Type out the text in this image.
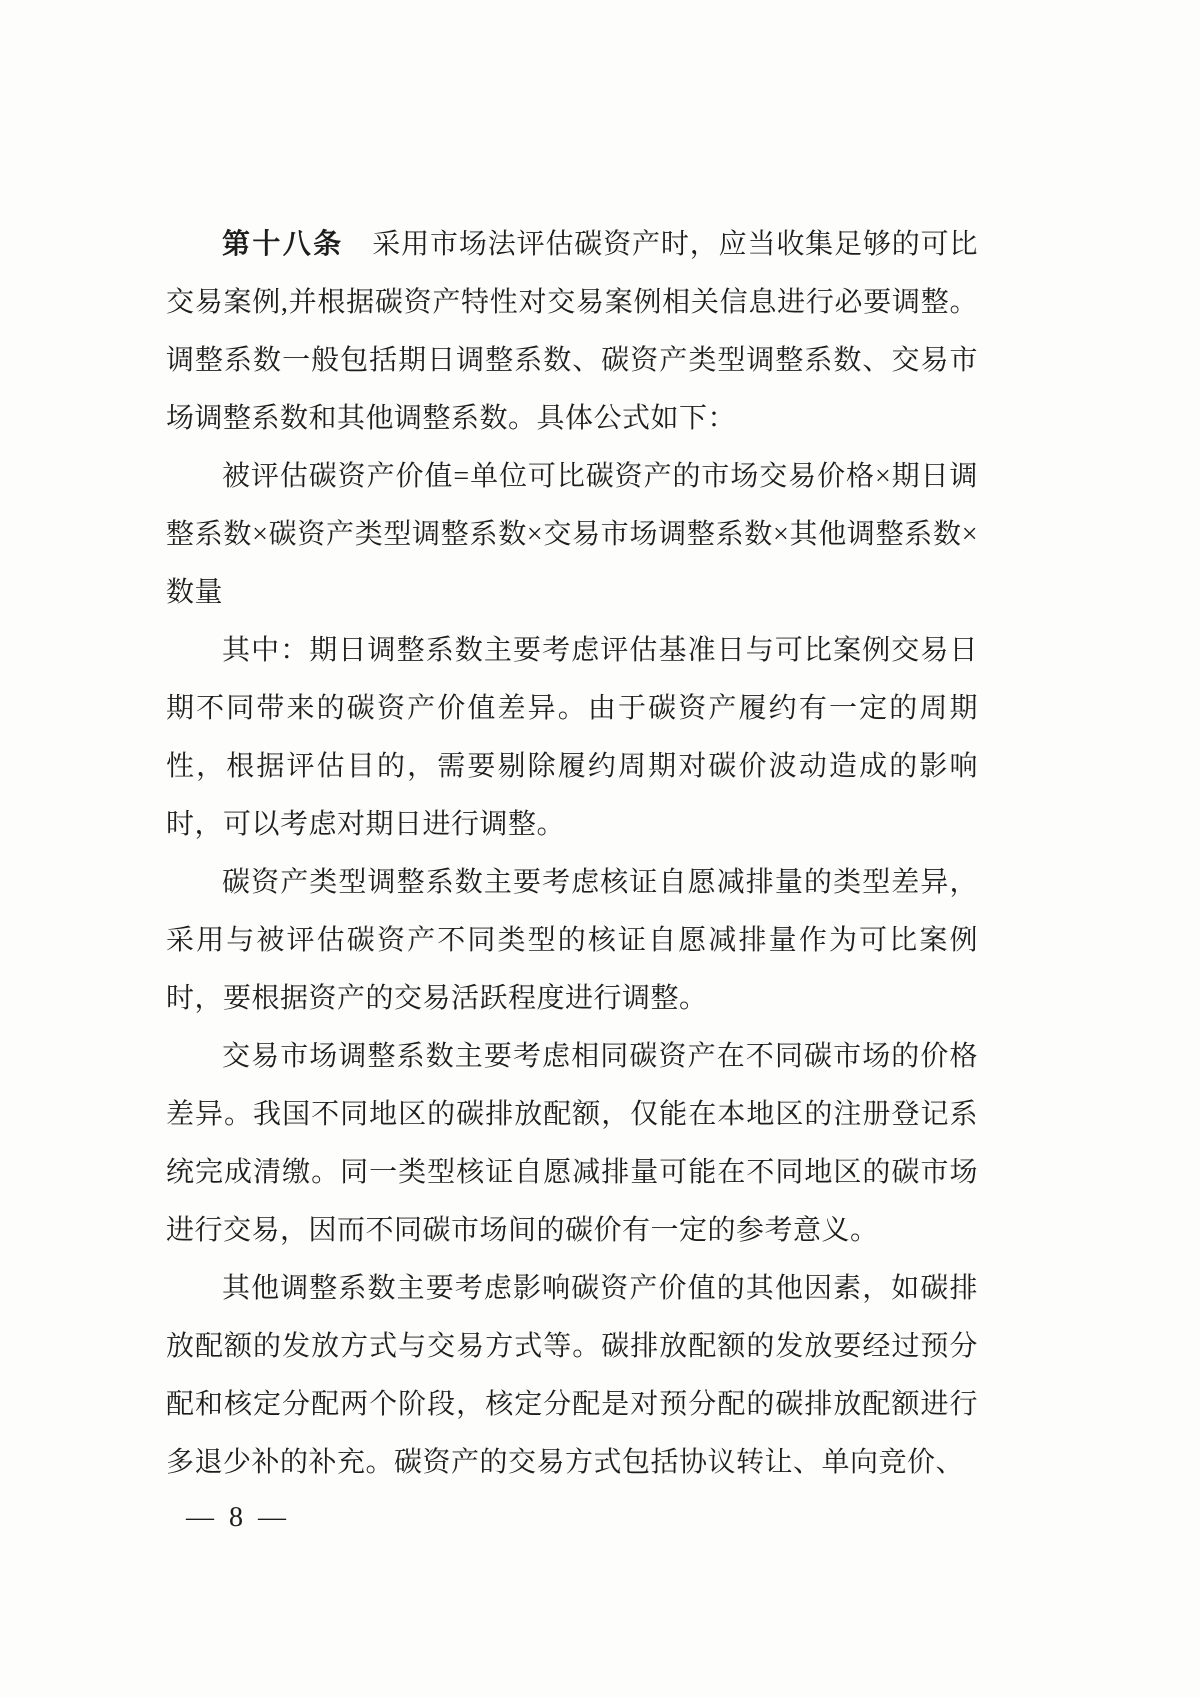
第十八条　采用市场法评估碳资产时，应当收集足够的可比交易案例,并根据碳资产特性对交易案例相关信息进行必要调整。调整系数一般包括期日调整系数、碳资产类型调整系数、交易市场调整系数和其他调整系数。具体公式如下：

被评估碳资产价值=单位可比碳资产的市场交易价格×期日调整系数×碳资产类型调整系数×交易市场调整系数×其他调整系数×数量

其中：期日调整系数主要考虑评估基准日与可比案例交易日期不同带来的碳资产价值差异。由于碳资产履约有一定的周期性，根据评估目的，需要剔除履约周期对碳价波动造成的影响时，可以考虑对期日进行调整。

碳资产类型调整系数主要考虑核证自愿减排量的类型差异，采用与被评估碳资产不同类型的核证自愿减排量作为可比案例时，要根据资产的交易活跃程度进行调整。

交易市场调整系数主要考虑相同碳资产在不同碳市场的价格差异。我国不同地区的碳排放配额，仅能在本地区的注册登记系统完成清缴。同一类型核证自愿减排量可能在不同地区的碳市场进行交易，因而不同碳市场间的碳价有一定的参考意义。

其他调整系数主要考虑影响碳资产价值的其他因素，如碳排放配额的发放方式与交易方式等。碳排放配额的发放要经过预分配和核定分配两个阶段，核定分配是对预分配的碳排放配额进行多退少补的补充。碳资产的交易方式包括协议转让、单向竞价、

— 8 —
